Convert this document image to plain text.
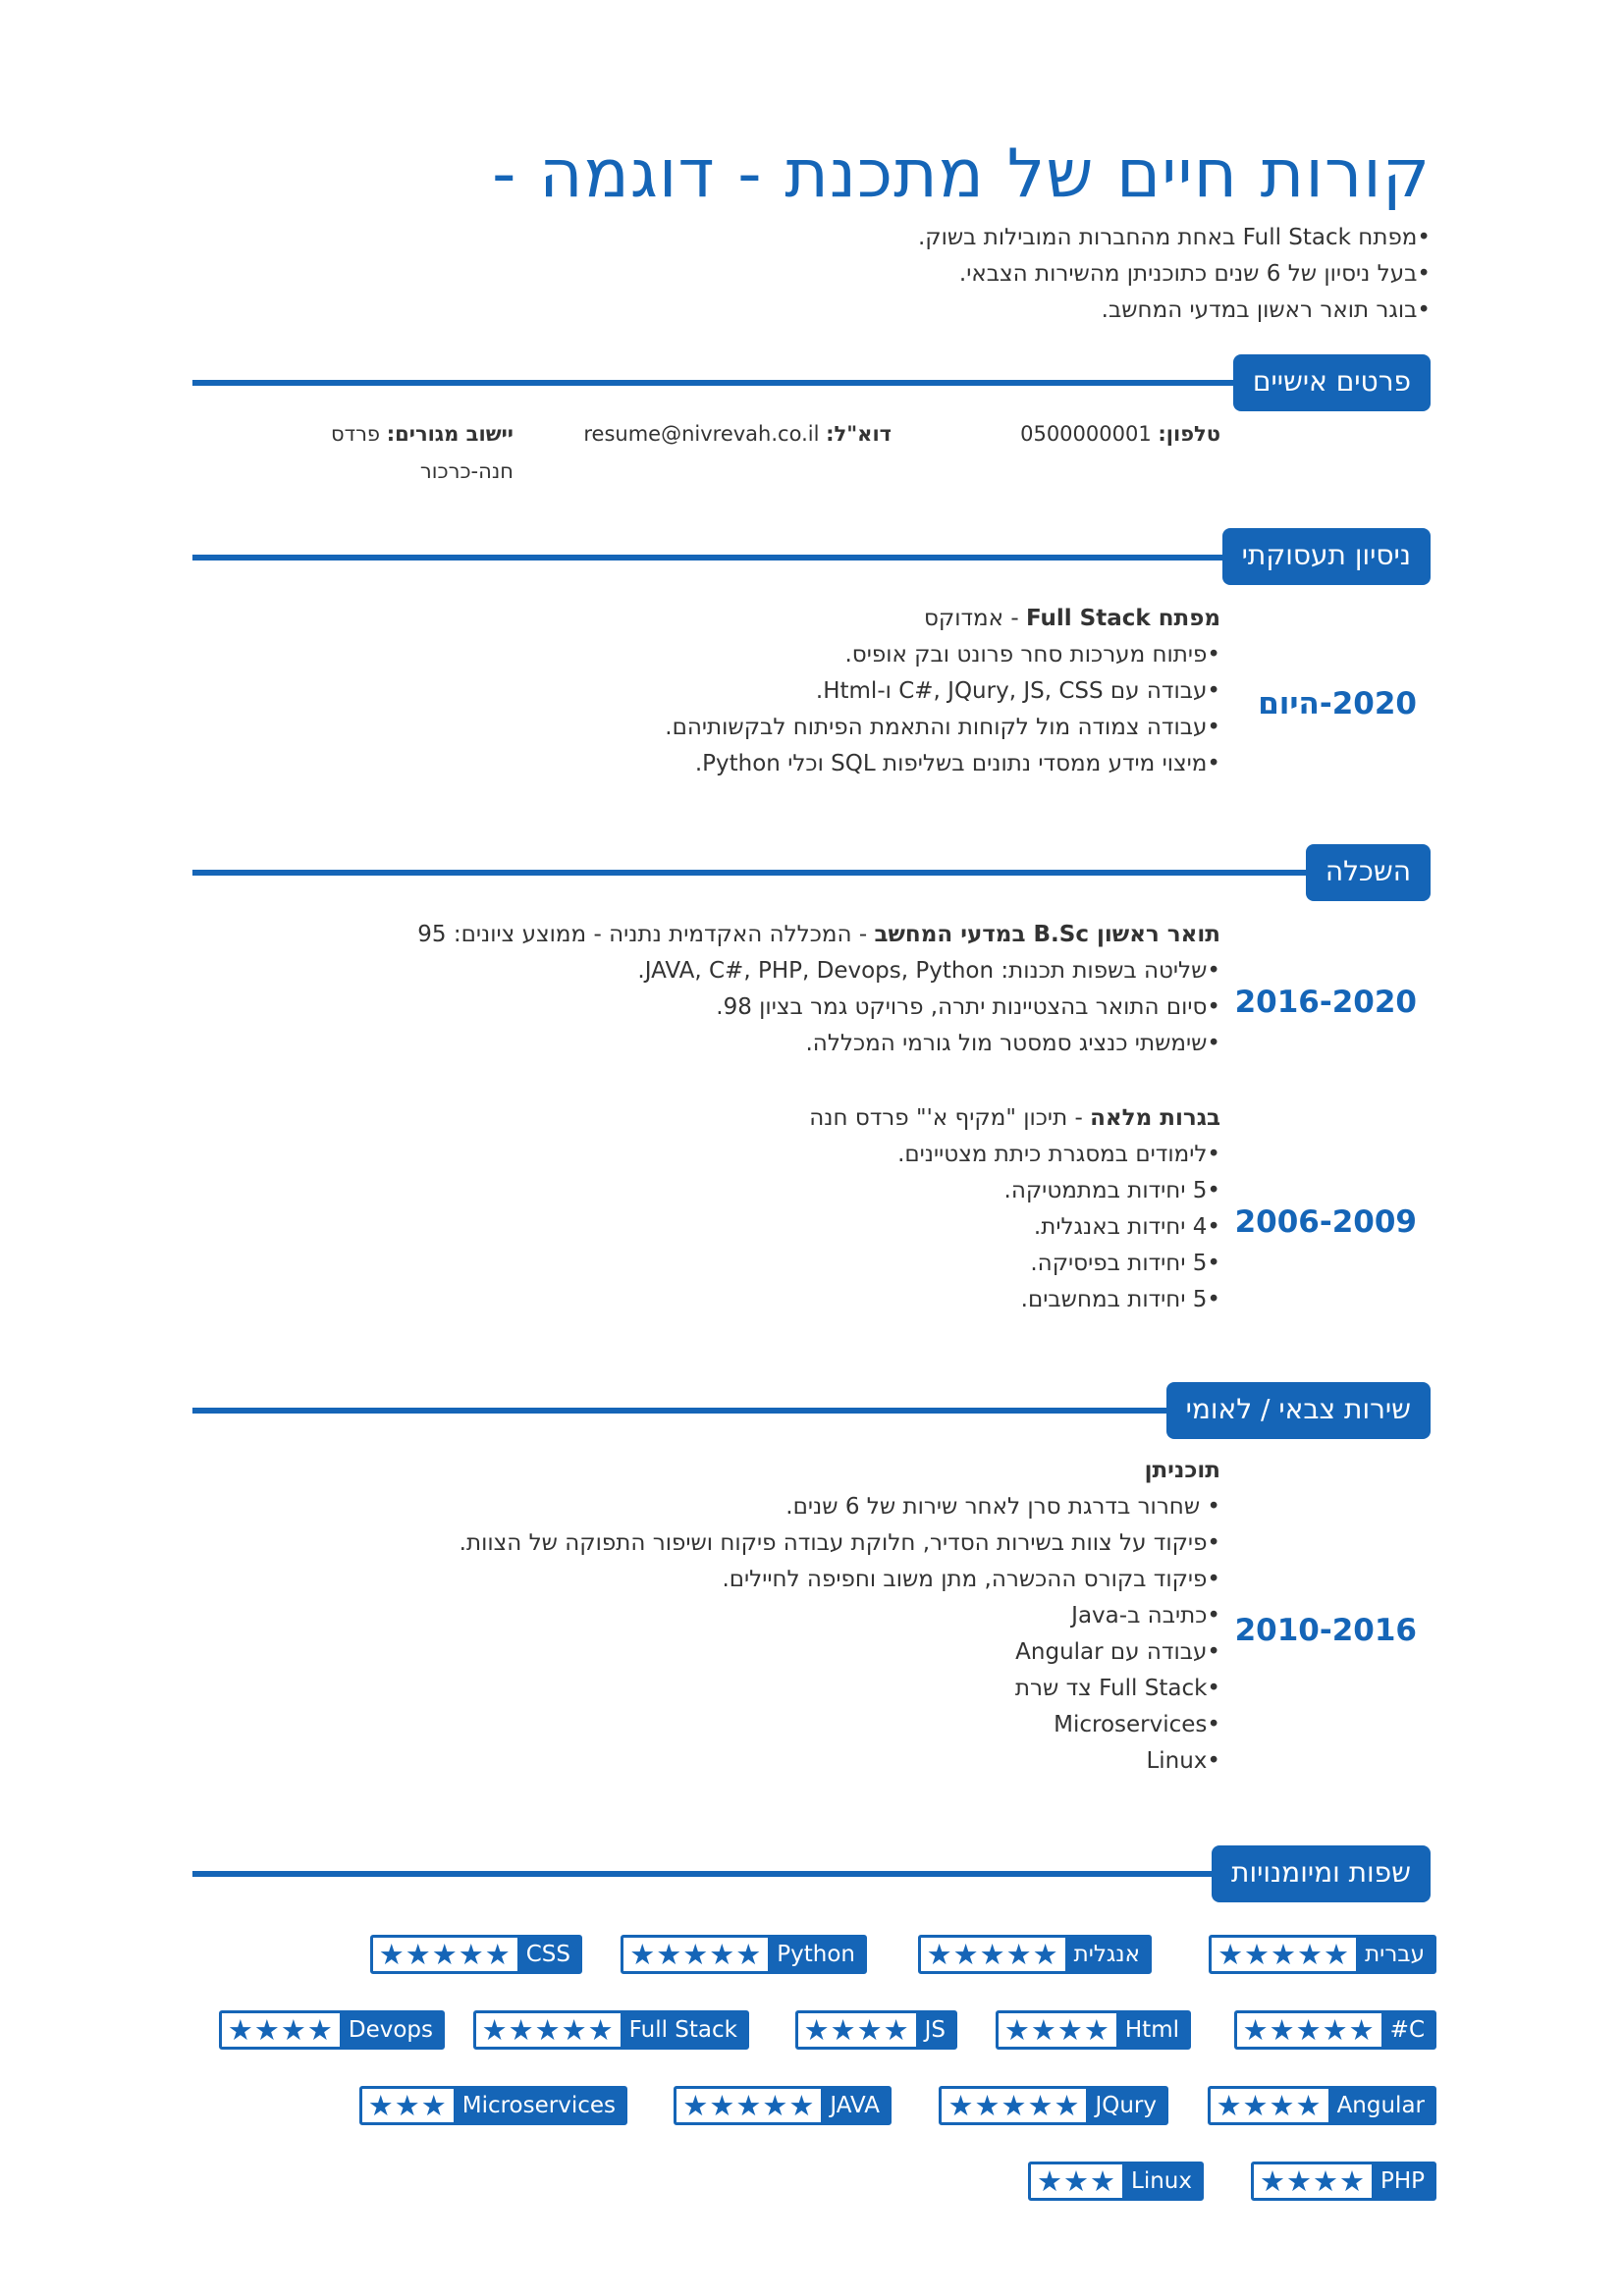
קורות חיים של מתכנת - דוגמה -
•מפתח Full Stack באחת מהחברות המובילות בשוק.
•בעל ניסיון של 6 שנים כתוכניתן מהשירות הצבאי.
•בוגר תואר ראשון במדעי המחשב.
פרטים אישיים
טלפון: 0500000001
דוא"ל: resume@nivrevah.co.il
יישוב מגורים: פרדס
חנה-כרכור
ניסיון תעסוקתי
2020-היום
מפתח Full Stack - אמדוקס
•פיתוח מערכות סחר פרונט ובק אופיס.
•עבודה עם C#, JQury, JS, CSS ו-Html.
•עבודה צמודה מול לקוחות והתאמת הפיתוח לבקשותיהם.
•מיצוי מידע ממסדי נתונים בשליפות SQL וכלי Python.
השכלה
2016-2020
תואר ראשון B.Sc במדעי המחשב - המכללה האקדמית נתניה - ממוצע ציונים: 95
•שליטה בשפות תכנות: JAVA, C#, PHP, Devops, Python.
•סיום התואר בהצטיינות יתרה, פרויקט גמר בציון 98.
•שימשתי כנציג סמסטר מול גורמי המכללה.
2006-2009
בגרות מלאה - תיכון "מקיף א'" פרדס חנה
•לימודים במסגרת כיתת מצטיינים.
•5 יחידות במתמטיקה.
•4 יחידות באנגלית.
•5 יחידות בפיסיקה.
•5 יחידות במחשבים.
שירות צבאי / לאומי
2010-2016
תוכניתן
• שחרור בדרגת סרן לאחר שירות של 6 שנים.
•פיקוד על צוות בשירות הסדיר, חלוקת עבודה פיקוח ושיפור התפוקה של הצוות.
•פיקוד בקורס ההכשרה, מתן משוב וחפיפה לחיילים.
•כתיבה ב-Java
•עבודה עם Angular
•Full Stack צד שרת
•Microservices
•Linux
שפות ומיומנויות
עברית
★★★★★
אנגלית
★★★★★
Python
★★★★★
CSS
★★★★★
C#
★★★★★
Html
★★★★
JS
★★★★
Full Stack
★★★★★
Devops
★★★★
Angular
★★★★
JQury
★★★★★
JAVA
★★★★★
Microservices
★★★
PHP
★★★★
Linux
★★★
